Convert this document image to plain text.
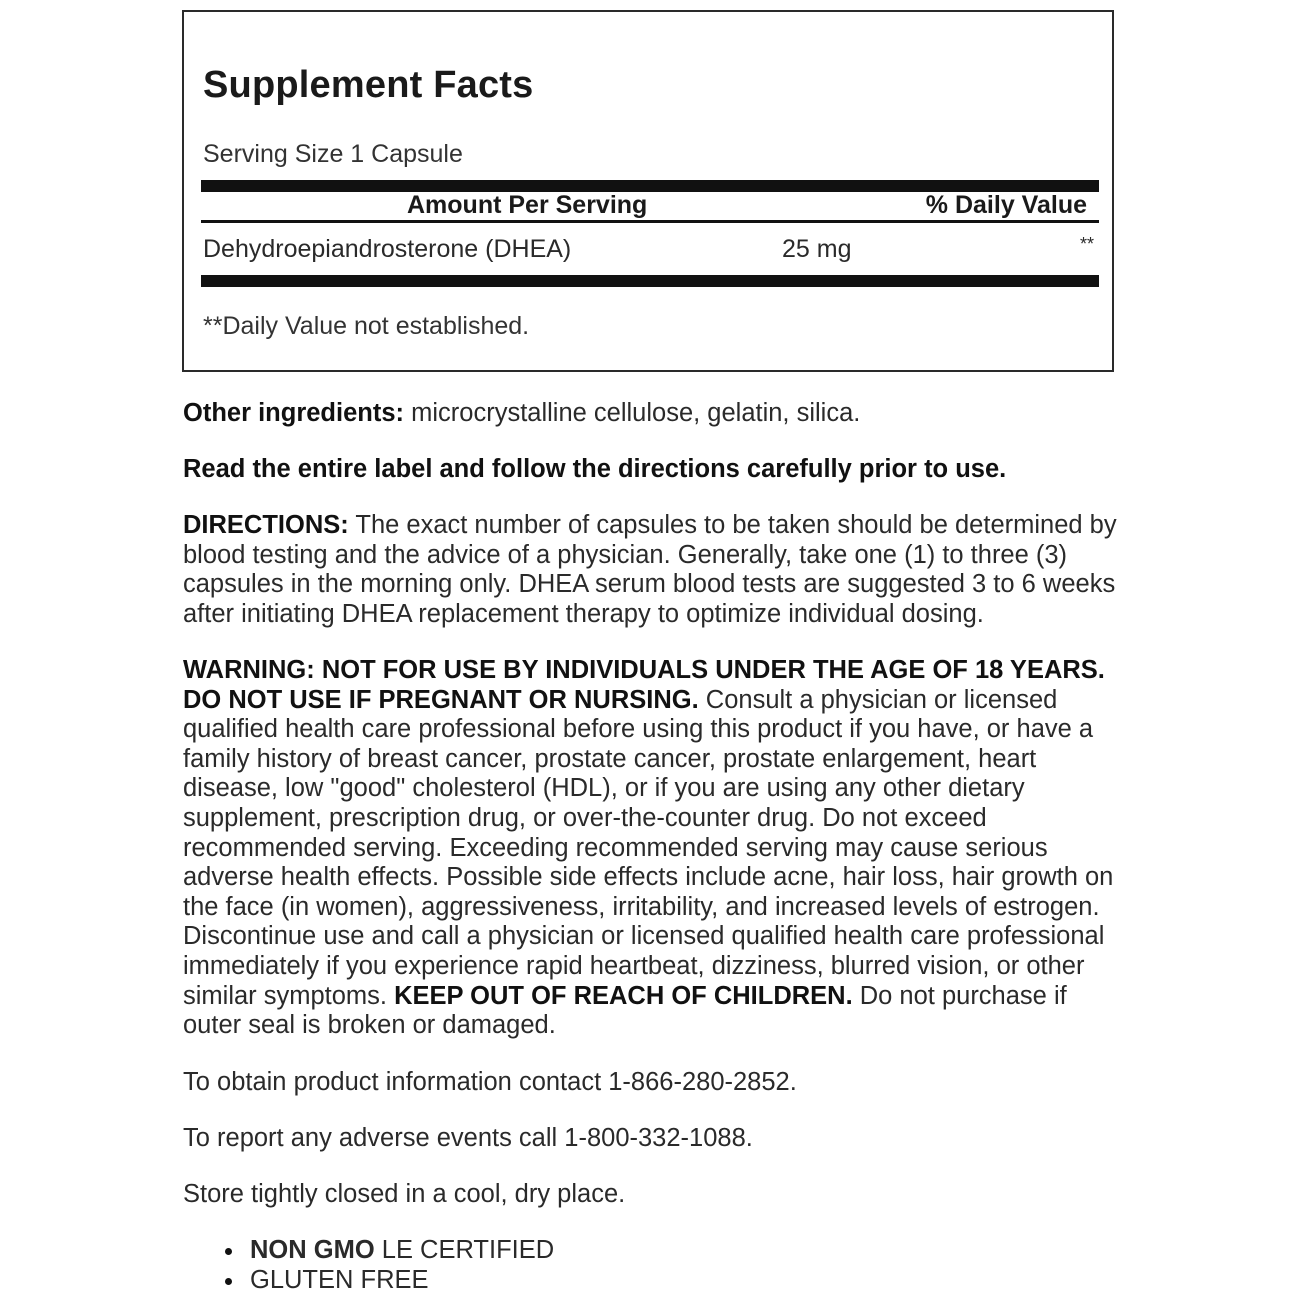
Supplement Facts
Serving Size 1 Capsule
Amount Per Serving	% Daily Value
Dehydroepiandrosterone (DHEA)	25 mg	**
**Daily Value not established.
Other ingredients: microcrystalline cellulose, gelatin, silica.
Read the entire label and follow the directions carefully prior to use.
DIRECTIONS: The exact number of capsules to be taken should be determined by blood testing and the advice of a physician. Generally, take one (1) to three (3) capsules in the morning only. DHEA serum blood tests are suggested 3 to 6 weeks after initiating DHEA replacement therapy to optimize individual dosing.
WARNING: NOT FOR USE BY INDIVIDUALS UNDER THE AGE OF 18 YEARS. DO NOT USE IF PREGNANT OR NURSING. Consult a physician or licensed qualified health care professional before using this product if you have, or have a family history of breast cancer, prostate cancer, prostate enlargement, heart disease, low "good" cholesterol (HDL), or if you are using any other dietary supplement, prescription drug, or over-the-counter drug. Do not exceed recommended serving. Exceeding recommended serving may cause serious adverse health effects. Possible side effects include acne, hair loss, hair growth on the face (in women), aggressiveness, irritability, and increased levels of estrogen. Discontinue use and call a physician or licensed qualified health care professional immediately if you experience rapid heartbeat, dizziness, blurred vision, or other similar symptoms. KEEP OUT OF REACH OF CHILDREN. Do not purchase if outer seal is broken or damaged.
To obtain product information contact 1-866-280-2852.
To report any adverse events call 1-800-332-1088.
Store tightly closed in a cool, dry place.
NON GMO LE CERTIFIED
GLUTEN FREE
